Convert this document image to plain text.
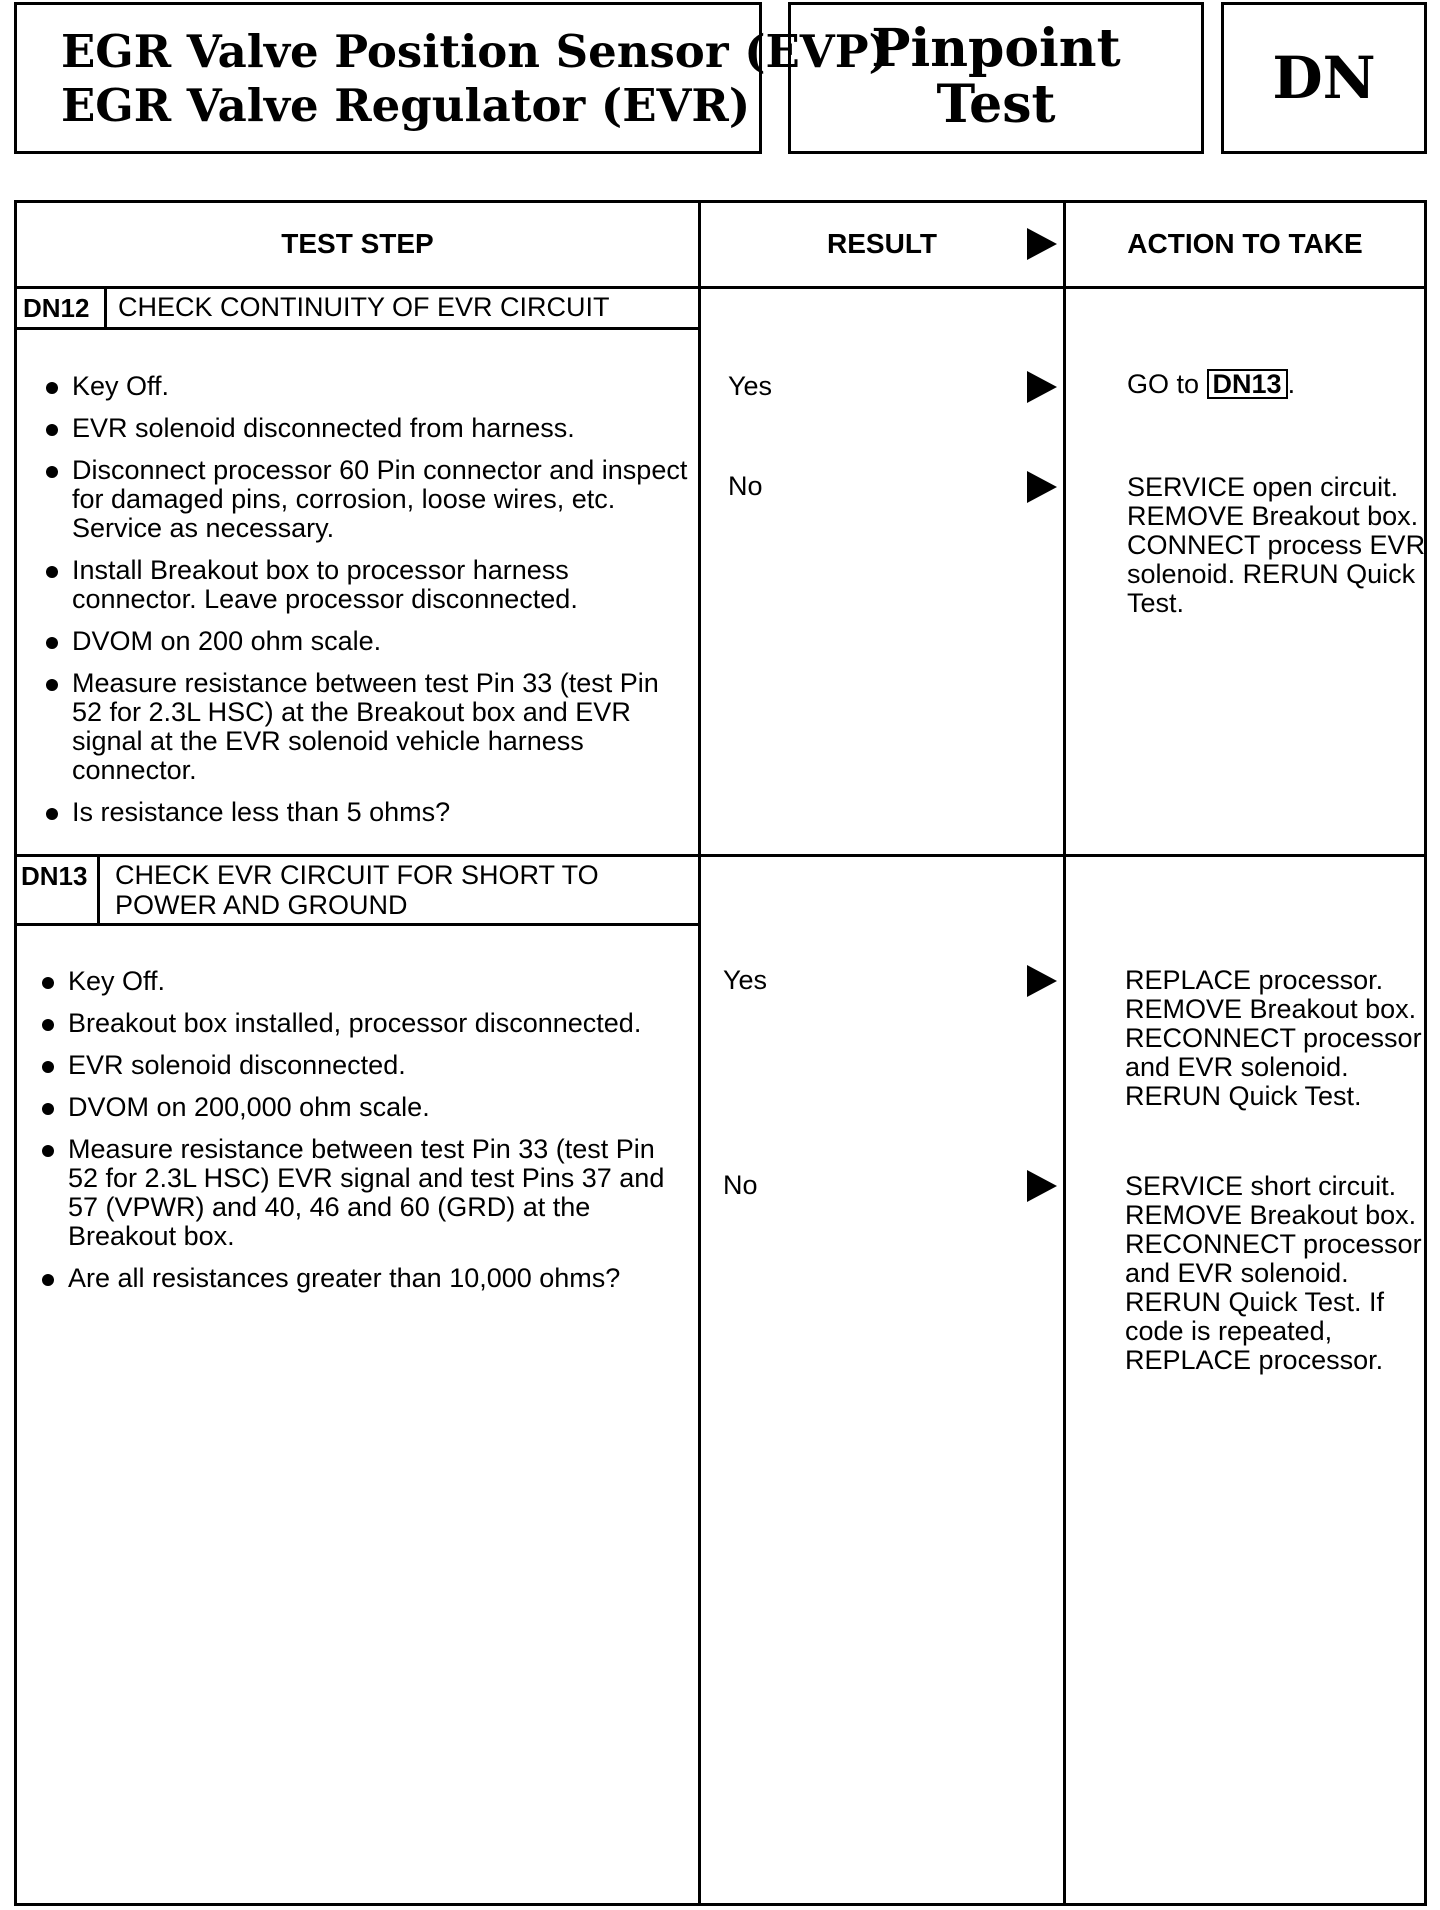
EGR Valve Position Sensor (EVP)
EGR Valve Regulator (EVR)
Pinpoint
Test	DN
TEST STEP	RESULT	ACTION TO TAKE
DN12 CHECK CONTINUITY OF EVR CIRCUIT
Key Off.
EVR solenoid disconnected from harness.
Disconnect processor 60 Pin connector and inspect for damaged pins, corrosion, loose wires, etc. Service as necessary.
Install Breakout box to processor harness connector. Leave processor disconnected.
DVOM on 200 ohm scale.
Measure resistance between test Pin 33 (test Pin 52 for 2.3L HSC) at the Breakout box and EVR signal at the EVR solenoid vehicle harness connector.
Is resistance less than 5 ohms?
Yes	GO to DN13 .
No	SERVICE open circuit. REMOVE Breakout box. CONNECT process EVR solenoid. RERUN Quick Test.
DN13 CHECK EVR CIRCUIT FOR SHORT TO POWER AND GROUND
Key Off.
Breakout box installed, processor disconnected.
EVR solenoid disconnected.
DVOM on 200,000 ohm scale.
Measure resistance between test Pin 33 (test Pin 52 for 2.3L HSC) EVR signal and test Pins 37 and 57 (VPWR) and 40, 46 and 60 (GRD) at the Breakout box.
Are all resistances greater than 10,000 ohms?
Yes	REPLACE processor. REMOVE Breakout box. RECONNECT processor and EVR solenoid. RERUN Quick Test.
No	SERVICE short circuit. REMOVE Breakout box. RECONNECT processor and EVR solenoid. RERUN Quick Test. If code is repeated, REPLACE processor.
